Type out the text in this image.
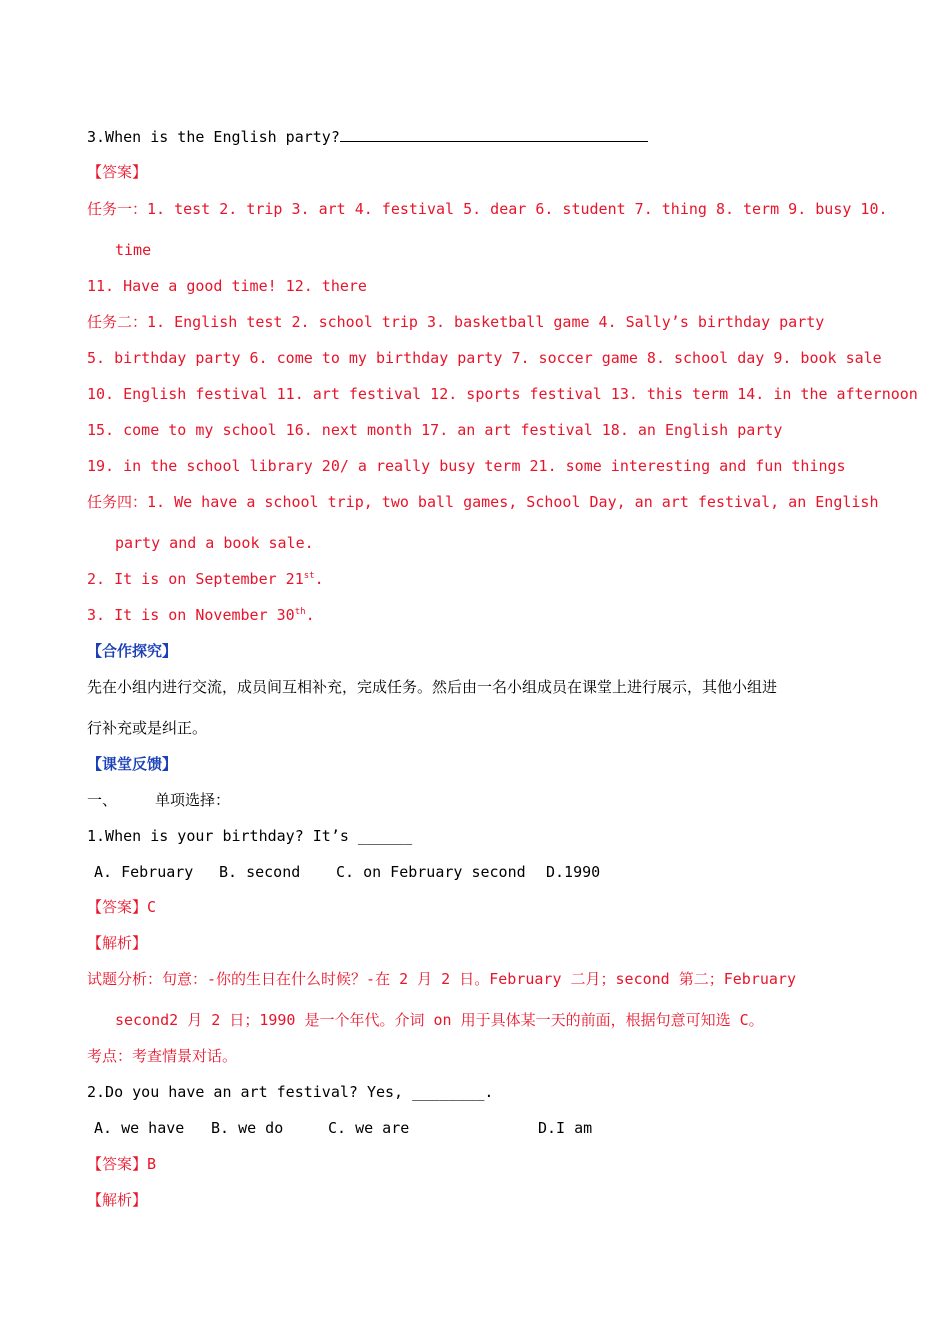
3.When is the English party?
【答案】
任务一：1. test 2. trip 3. art 4. festival 5. dear 6. student 7. thing 8. term 9. busy 10.
time
11. Have a good time! 12. there
任务二：1. English test 2. school trip 3. basketball game 4. Sally’s birthday party
5. birthday party 6. come to my birthday party 7. soccer game 8. school day 9. book sale
10. English festival 11. art festival 12. sports festival 13. this term 14. in the afternoon
15. come to my school 16. next month 17. an art festival 18. an English party
19. in the school library 20/ a really busy term 21. some interesting and fun things
任务四：1. We have a school trip, two ball games, School Day, an art festival, an English
party and a book sale.
2. It is on September 21st.
3. It is on November 30th.
【合作探究】
先在小组内进行交流，成员间互相补充，完成任务。然后由一名小组成员在课堂上进行展示，其他小组进
行补充或是纠正。
【课堂反馈】
一、	单项选择：
1.When is your birthday? It’s ______
A. February B. second C. on February second D.1990
【答案】C
【解析】
试题分析：句意：-你的生日在什么时候？-在 2 月 2 日。February 二月；second 第二；February
second2 月 2 日；1990 是一个年代。介词 on 用于具体某一天的前面，根据句意可知选 C。
考点：考查情景对话。
2.Do you have an art festival? Yes, ________.
A. we have B. we do	C. we are	D.I am
【答案】B
【解析】
